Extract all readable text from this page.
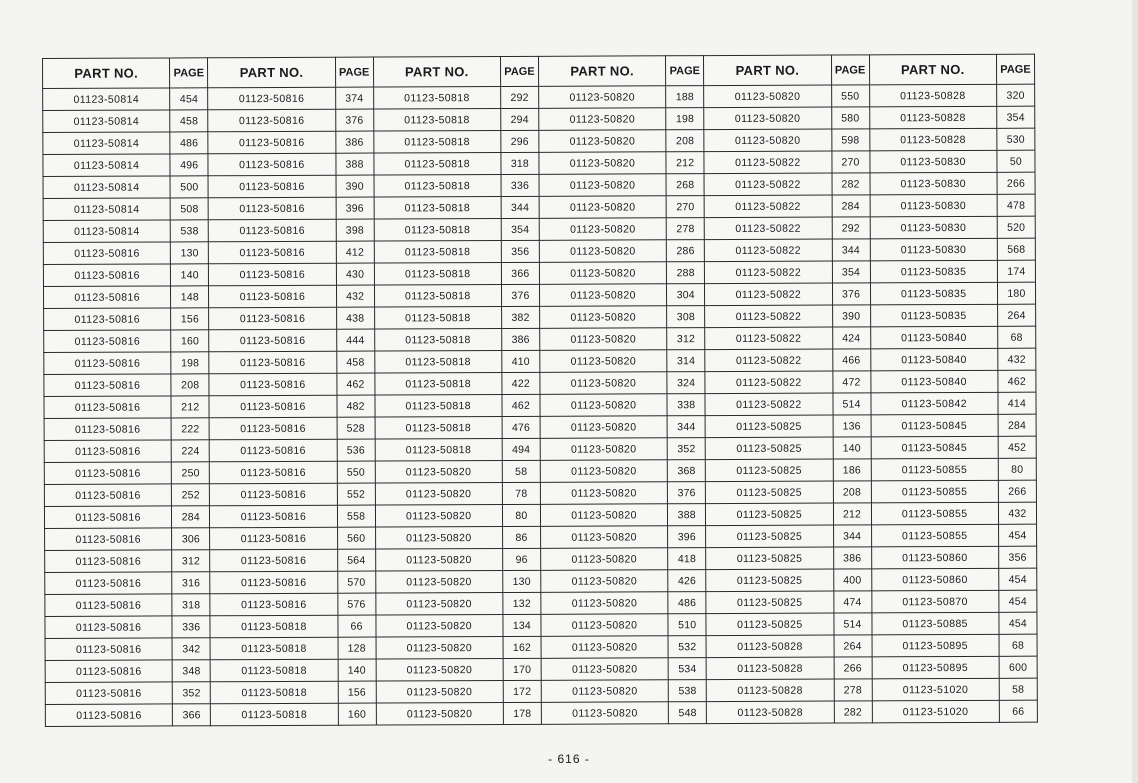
PART NO.	PAGE	PART NO.	PAGE	PART NO.	PAGE	PART NO.	PAGE	PART NO.	PAGE	PART NO.	PAGE
01123-50814	454	01123-50816	374	01123-50818	292	01123-50820	188	01123-50820	550	01123-50828	320
01123-50814	458	01123-50816	376	01123-50818	294	01123-50820	198	01123-50820	580	01123-50828	354
01123-50814	486	01123-50816	386	01123-50818	296	01123-50820	208	01123-50820	598	01123-50828	530
01123-50814	496	01123-50816	388	01123-50818	318	01123-50820	212	01123-50822	270	01123-50830	50
01123-50814	500	01123-50816	390	01123-50818	336	01123-50820	268	01123-50822	282	01123-50830	266
01123-50814	508	01123-50816	396	01123-50818	344	01123-50820	270	01123-50822	284	01123-50830	478
01123-50814	538	01123-50816	398	01123-50818	354	01123-50820	278	01123-50822	292	01123-50830	520
01123-50816	130	01123-50816	412	01123-50818	356	01123-50820	286	01123-50822	344	01123-50830	568
01123-50816	140	01123-50816	430	01123-50818	366	01123-50820	288	01123-50822	354	01123-50835	174
01123-50816	148	01123-50816	432	01123-50818	376	01123-50820	304	01123-50822	376	01123-50835	180
01123-50816	156	01123-50816	438	01123-50818	382	01123-50820	308	01123-50822	390	01123-50835	264
01123-50816	160	01123-50816	444	01123-50818	386	01123-50820	312	01123-50822	424	01123-50840	68
01123-50816	198	01123-50816	458	01123-50818	410	01123-50820	314	01123-50822	466	01123-50840	432
01123-50816	208	01123-50816	462	01123-50818	422	01123-50820	324	01123-50822	472	01123-50840	462
01123-50816	212	01123-50816	482	01123-50818	462	01123-50820	338	01123-50822	514	01123-50842	414
01123-50816	222	01123-50816	528	01123-50818	476	01123-50820	344	01123-50825	136	01123-50845	284
01123-50816	224	01123-50816	536	01123-50818	494	01123-50820	352	01123-50825	140	01123-50845	452
01123-50816	250	01123-50816	550	01123-50820	58	01123-50820	368	01123-50825	186	01123-50855	80
01123-50816	252	01123-50816	552	01123-50820	78	01123-50820	376	01123-50825	208	01123-50855	266
01123-50816	284	01123-50816	558	01123-50820	80	01123-50820	388	01123-50825	212	01123-50855	432
01123-50816	306	01123-50816	560	01123-50820	86	01123-50820	396	01123-50825	344	01123-50855	454
01123-50816	312	01123-50816	564	01123-50820	96	01123-50820	418	01123-50825	386	01123-50860	356
01123-50816	316	01123-50816	570	01123-50820	130	01123-50820	426	01123-50825	400	01123-50860	454
01123-50816	318	01123-50816	576	01123-50820	132	01123-50820	486	01123-50825	474	01123-50870	454
01123-50816	336	01123-50818	66	01123-50820	134	01123-50820	510	01123-50825	514	01123-50885	454
01123-50816	342	01123-50818	128	01123-50820	162	01123-50820	532	01123-50828	264	01123-50895	68
01123-50816	348	01123-50818	140	01123-50820	170	01123-50820	534	01123-50828	266	01123-50895	600
01123-50816	352	01123-50818	156	01123-50820	172	01123-50820	538	01123-50828	278	01123-51020	58
01123-50816	366	01123-50818	160	01123-50820	178	01123-50820	548	01123-50828	282	01123-51020	66
- 616 -
